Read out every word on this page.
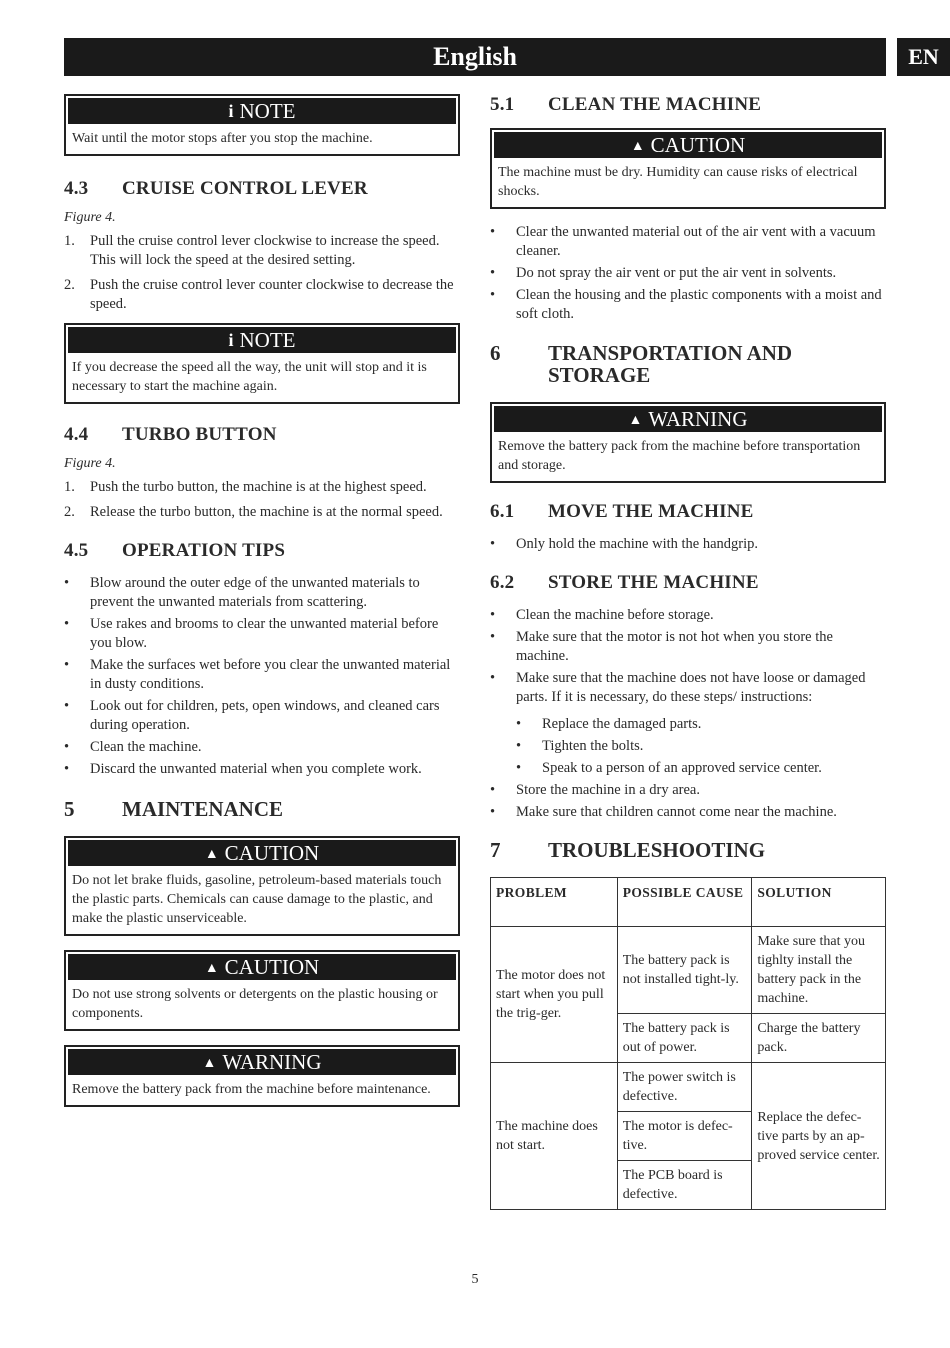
English	EN
i NOTE
Wait until the motor stops after you stop the machine.
4.3 CRUISE CONTROL LEVER

Figure 4.

1. Pull the cruise control lever clockwise to increase the speed. This will lock the speed at the desired setting.
2. Push the cruise control lever counter clockwise to decrease the speed.
i NOTE
If you decrease the speed all the way, the unit will stop and it is necessary to start the machine again.
4.4 TURBO BUTTON

Figure 4.

1. Push the turbo button, the machine is at the highest speed.
2. Release the turbo button, the machine is at the normal speed.
4.5 OPERATION TIPS
• Blow around the outer edge of the unwanted materials to prevent the unwanted materials from scattering.
• Use rakes and brooms to clear the unwanted material before you blow.
• Make the surfaces wet before you clear the unwanted material in dusty conditions.
• Look out for children, pets, open windows, and cleaned cars during operation.
• Clean the machine.
• Discard the unwanted material when you complete work.
5 MAINTENANCE
▲ CAUTION
Do not let brake fluids, gasoline, petroleum-based materials touch the plastic parts. Chemicals can cause damage to the plastic, and make the plastic unserviceable.
▲ CAUTION
Do not use strong solvents or detergents on the plastic housing or components.
▲ WARNING
Remove the battery pack from the machine before maintenance.
5.1 CLEAN THE MACHINE
▲ CAUTION
The machine must be dry. Humidity can cause risks of electrical shocks.
• Clear the unwanted material out of the air vent with a vacuum cleaner.
• Do not spray the air vent or put the air vent in solvents.
• Clean the housing and the plastic components with a moist and soft cloth.
6 TRANSPORTATION AND STORAGE
▲ WARNING
Remove the battery pack from the machine before transportation and storage.
6.1 MOVE THE MACHINE
• Only hold the machine with the handgrip.
6.2 STORE THE MACHINE
• Clean the machine before storage.
• Make sure that the motor is not hot when you store the machine.
• Make sure that the machine does not have loose or damaged parts. If it is necessary, do these steps/ instructions:
• Replace the damaged parts.
• Tighten the bolts.
• Speak to a person of an approved service center.
• Store the machine in a dry area.
• Make sure that children cannot come near the machine.
7 TROUBLESHOOTING
PROBLEM	POSSIBLE CAUSE	SOLUTION
The motor does not start when you pull the trig-ger.	The battery pack is not installed tight-ly.	Make sure that you tighlty install the battery pack in the machine.
	The battery pack is out of power.	Charge the battery pack.
The machine does not start.	The power switch is defective.	Replace the defec-tive parts by an ap-proved service center.
	The motor is defec-tive.	
	The PCB board is defective.	
5
